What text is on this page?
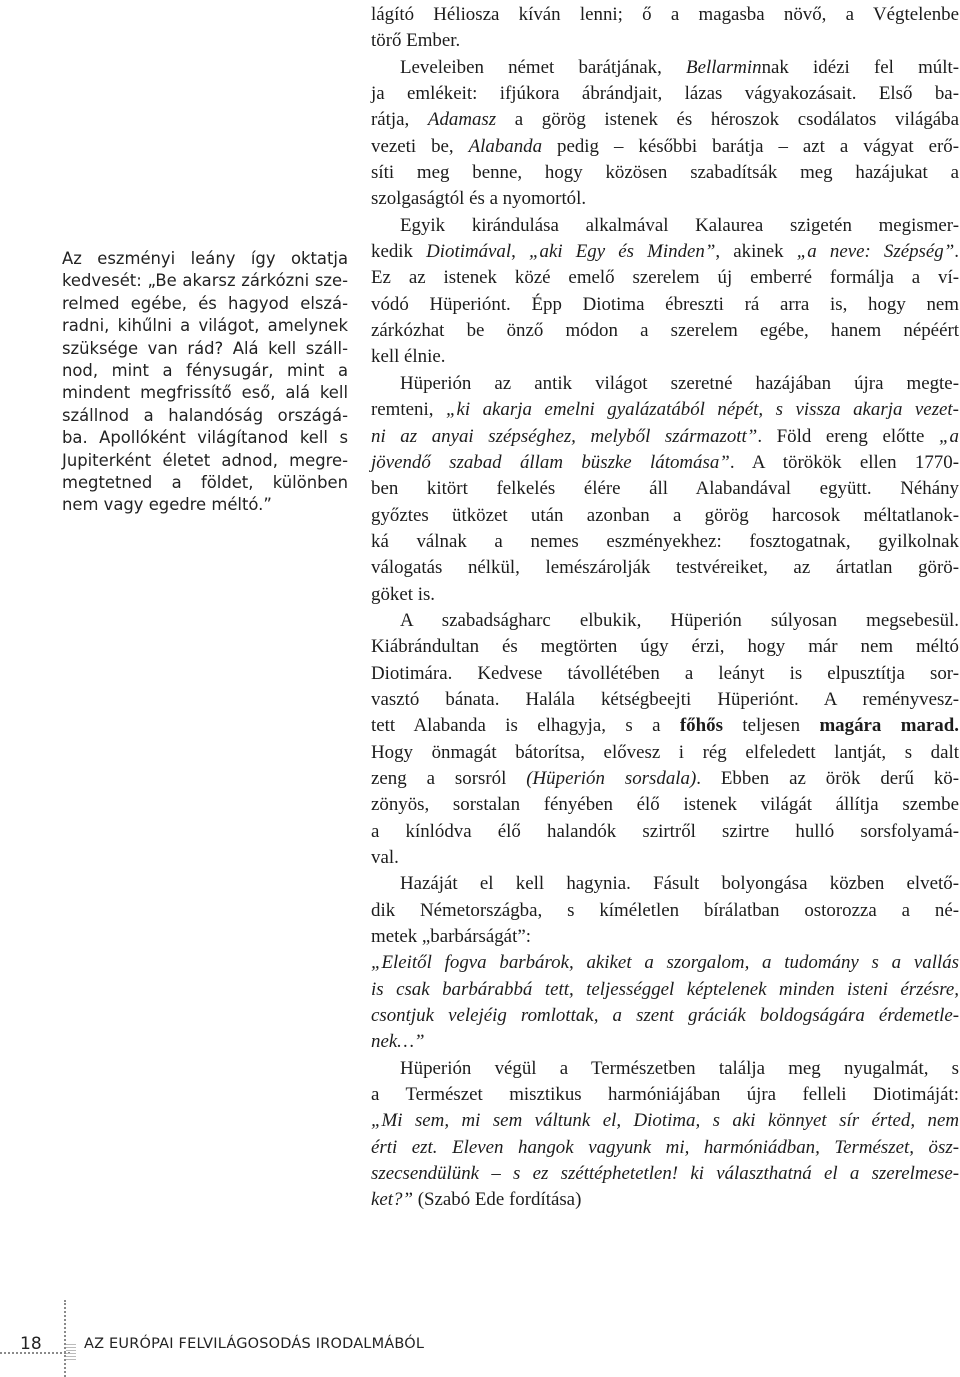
Az eszményi leány így oktatja
kedvesét: „Be akarsz zárkózni sze-
relmed egébe, és hagyod elszá-
radni, kihűlni a világot, amelynek
szüksége van rád? Alá kell száll-
nod, mint a fénysugár, mint a
mindent megfrissítő eső, alá kell
szállnod a halandóság országá-
ba. Apollóként világítanod kell s
Jupiterként életet adnod, megre-
megtetned a földet, különben
nem vagy egedre méltó.”
lágító Héliosza kíván lenni; ő a magasba növő, a Végtelenbe
törő Ember.
Leveleiben német barátjának, Bellarminnak idézi fel múlt-
ja emlékeit: ifjúkora ábrándjait, lázas vágyakozásait. Első ba-
rátja, Adamasz a görög istenek és héroszok csodálatos világába
vezeti be, Alabanda pedig – későbbi barátja – azt a vágyat erő-
síti meg benne, hogy közösen szabadítsák meg hazájukat a
szolgaságtól és a nyomortól.
Egyik kirándulása alkalmával Kalaurea szigetén megismer-
kedik Diotimával, „aki Egy és Minden”, akinek „a neve: Szépség”.
Ez az istenek közé emelő szerelem új emberré formálja a ví-
vódó Hüperiónt. Épp Diotima ébreszti rá arra is, hogy nem
zárkózhat be önző módon a szerelem egébe, hanem népéért
kell élnie.
Hüperión az antik világot szeretné hazájában újra megte-
remteni, „ki akarja emelni gyalázatából népét, s vissza akarja vezet-
ni az anyai szépséghez, melyből származott”. Föld ereng előtte „a
jövendő szabad állam büszke látomása”. A törökök ellen 1770-
ben kitört felkelés élére áll Alabandával együtt. Néhány
győztes ütközet után azonban a görög harcosok méltatlanok-
ká válnak a nemes eszményekhez: fosztogatnak, gyilkolnak
válogatás nélkül, lemészárolják testvéreiket, az ártatlan görö-
göket is.
A szabadságharc elbukik, Hüperión súlyosan megsebesül.
Kiábrándultan és megtörten úgy érzi, hogy már nem méltó
Diotimára. Kedvese távollétében a leányt is elpusztítja sor-
vasztó bánata. Halála kétségbeejti Hüperiónt. A reményvesz-
tett Alabanda is elhagyja, s a főhős teljesen magára marad.
Hogy önmagát bátorítsa, elővesz i rég elfeledett lantját, s dalt
zeng a sorsról (Hüperión sorsdala). Ebben az örök derű kö-
zönyös, sorstalan fényében élő istenek világát állítja szembe
a kínlódva élő halandók szirtről szirtre hulló sorsfolyamá-
val.
Hazáját el kell hagynia. Fásult bolyongása közben elvető-
dik Németországba, s kíméletlen bírálatban ostorozza a né-
metek „barbárságát”:
„Eleitől fogva barbárok, akiket a szorgalom, a tudomány s a vallás
is csak barbárabbá tett, teljességgel képtelenek minden isteni érzésre,
csontjuk velejéig romlottak, a szent gráciák boldogságára érdemetle-
nek…”
Hüperión végül a Természetben találja meg nyugalmát, s
a Természet misztikus harmóniájában újra felleli Diotimáját:
„Mi sem, mi sem váltunk el, Diotima, s aki könnyet sír érted, nem
érti ezt. Eleven hangok vagyunk mi, harmóniádban, Természet, ösz-
szecsendülünk – s ez széttéphetetlen! ki választhatná el a szerelmese-
ket?” (Szabó Ede fordítása)
18	AZ EURÓPAI FELVILÁGOSODÁS IRODALMÁBÓL
